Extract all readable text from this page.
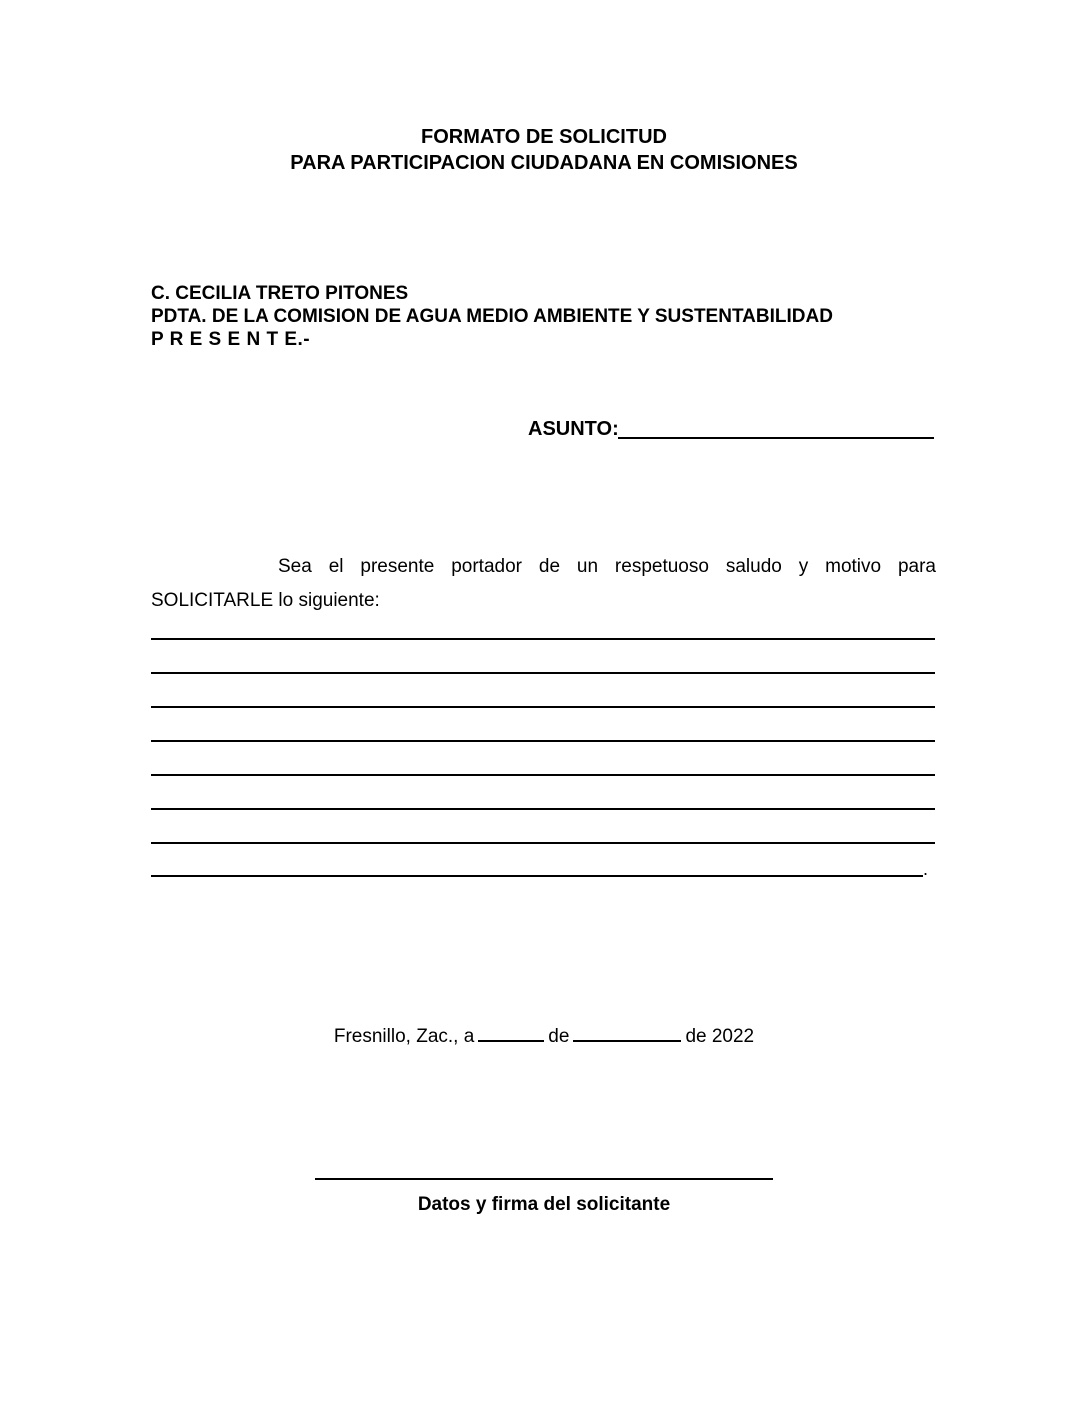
FORMATO DE SOLICITUD
PARA PARTICIPACION CIUDADANA EN COMISIONES
C. CECILIA TRETO PITONES
PDTA. DE LA COMISION DE AGUA MEDIO AMBIENTE Y SUSTENTABILIDAD
P R E S E N T E.-
ASUNTO:
Sea el presente portador de un respetuoso saludo y motivo para SOLICITARLE lo siguiente:
.
Fresnillo, Zac., a	de	de 2022
Datos y firma del solicitante
